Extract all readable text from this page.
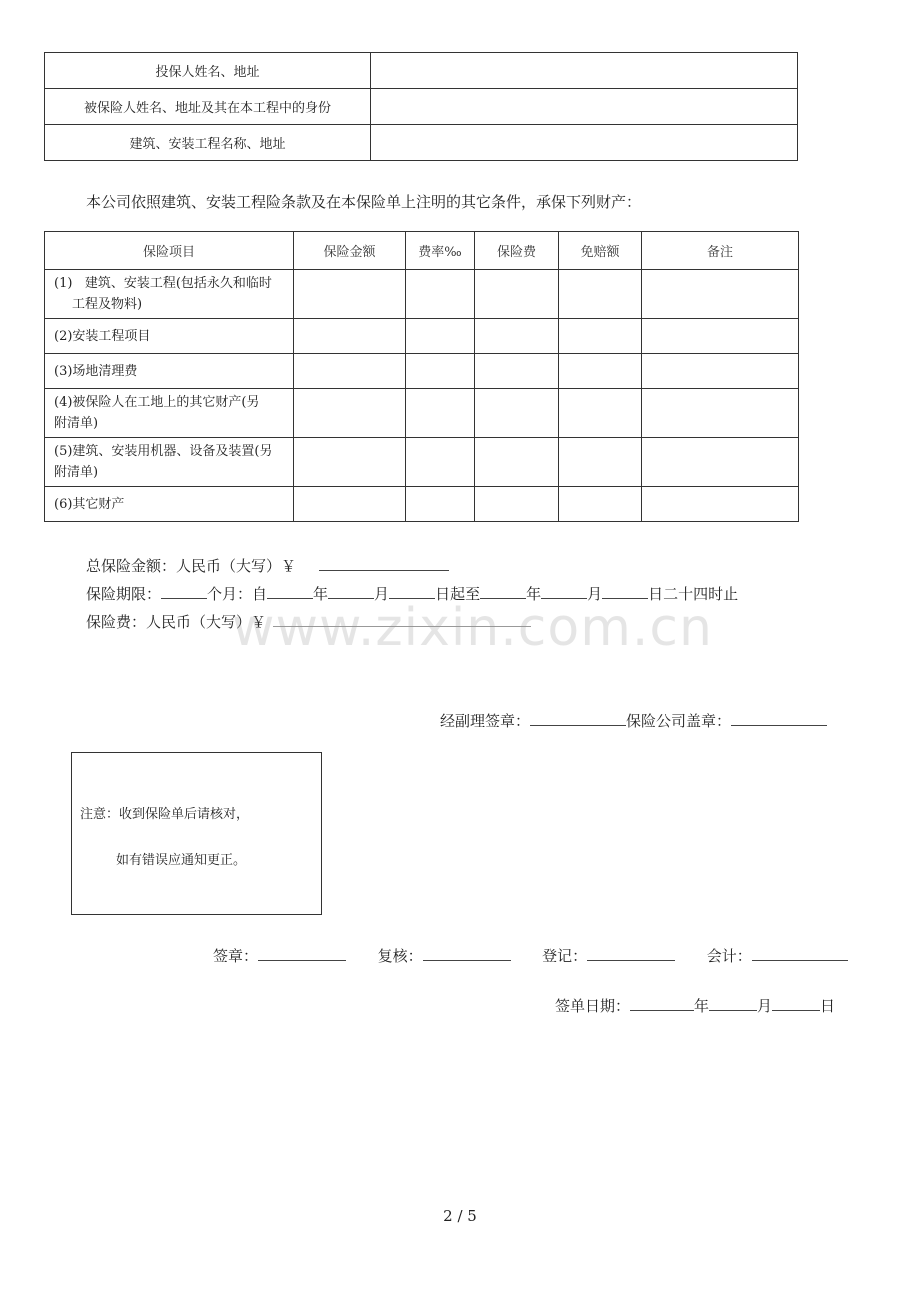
投保人姓名、地址	
被保险人姓名、地址及其在本工程中的身份	
建筑、安装工程名称、地址	
本公司依照建筑、安装工程险条款及在本保险单上注明的其它条件，承保下列财产：
保险项目	保险金额	费率‰	保险费	免赔额	备注
(1) 建筑、安装工程(包括永久和临时
工程及物料)					
(2)安装工程项目					
(3)场地清理费					
(4)被保险人在工地上的其它财产(另
附清单)					
(5)建筑、安装用机器、设备及装置(另
附清单)					
(6)其它财产					
总保险金额：人民币（大写）￥
保险期限：	个月：自	年	月	日起至	年	月	日二十四时止
保险费：人民币（大写）￥
www.zixin.com.cn
经副理签章：	保险公司盖章：
注意：收到保险单后请核对，
如有错误应通知更正。
签章：	复核：	登记：	会计：
签单日期：	年	月	日
2 / 5
